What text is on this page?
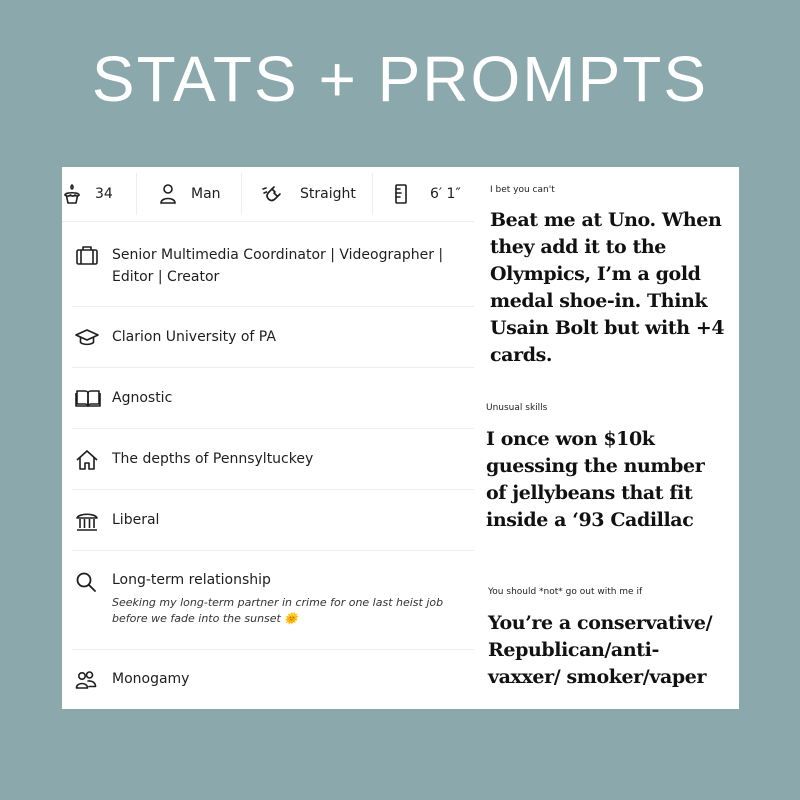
STATS + PROMPTS
34	Man	Straight	6′ 1″
Senior Multimedia Coordinator | Videographer | Editor | Creator
Clarion University of PA
Agnostic
The depths of Pennsyltuckey
Liberal
Long-term relationship
Seeking my long-term partner in crime for one last heist job before we fade into the sunset 🌞
Monogamy
I bet you can't
Beat me at Uno. When they add it to the Olympics, I’m a gold medal shoe-in. Think Usain Bolt but with +4 cards.
Unusual skills
I once won $10k guessing the number of jellybeans that fit inside a ‘93 Cadillac
You should *not* go out with me if
You’re a conservative/ Republican/anti-vaxxer/ smoker/vaper
